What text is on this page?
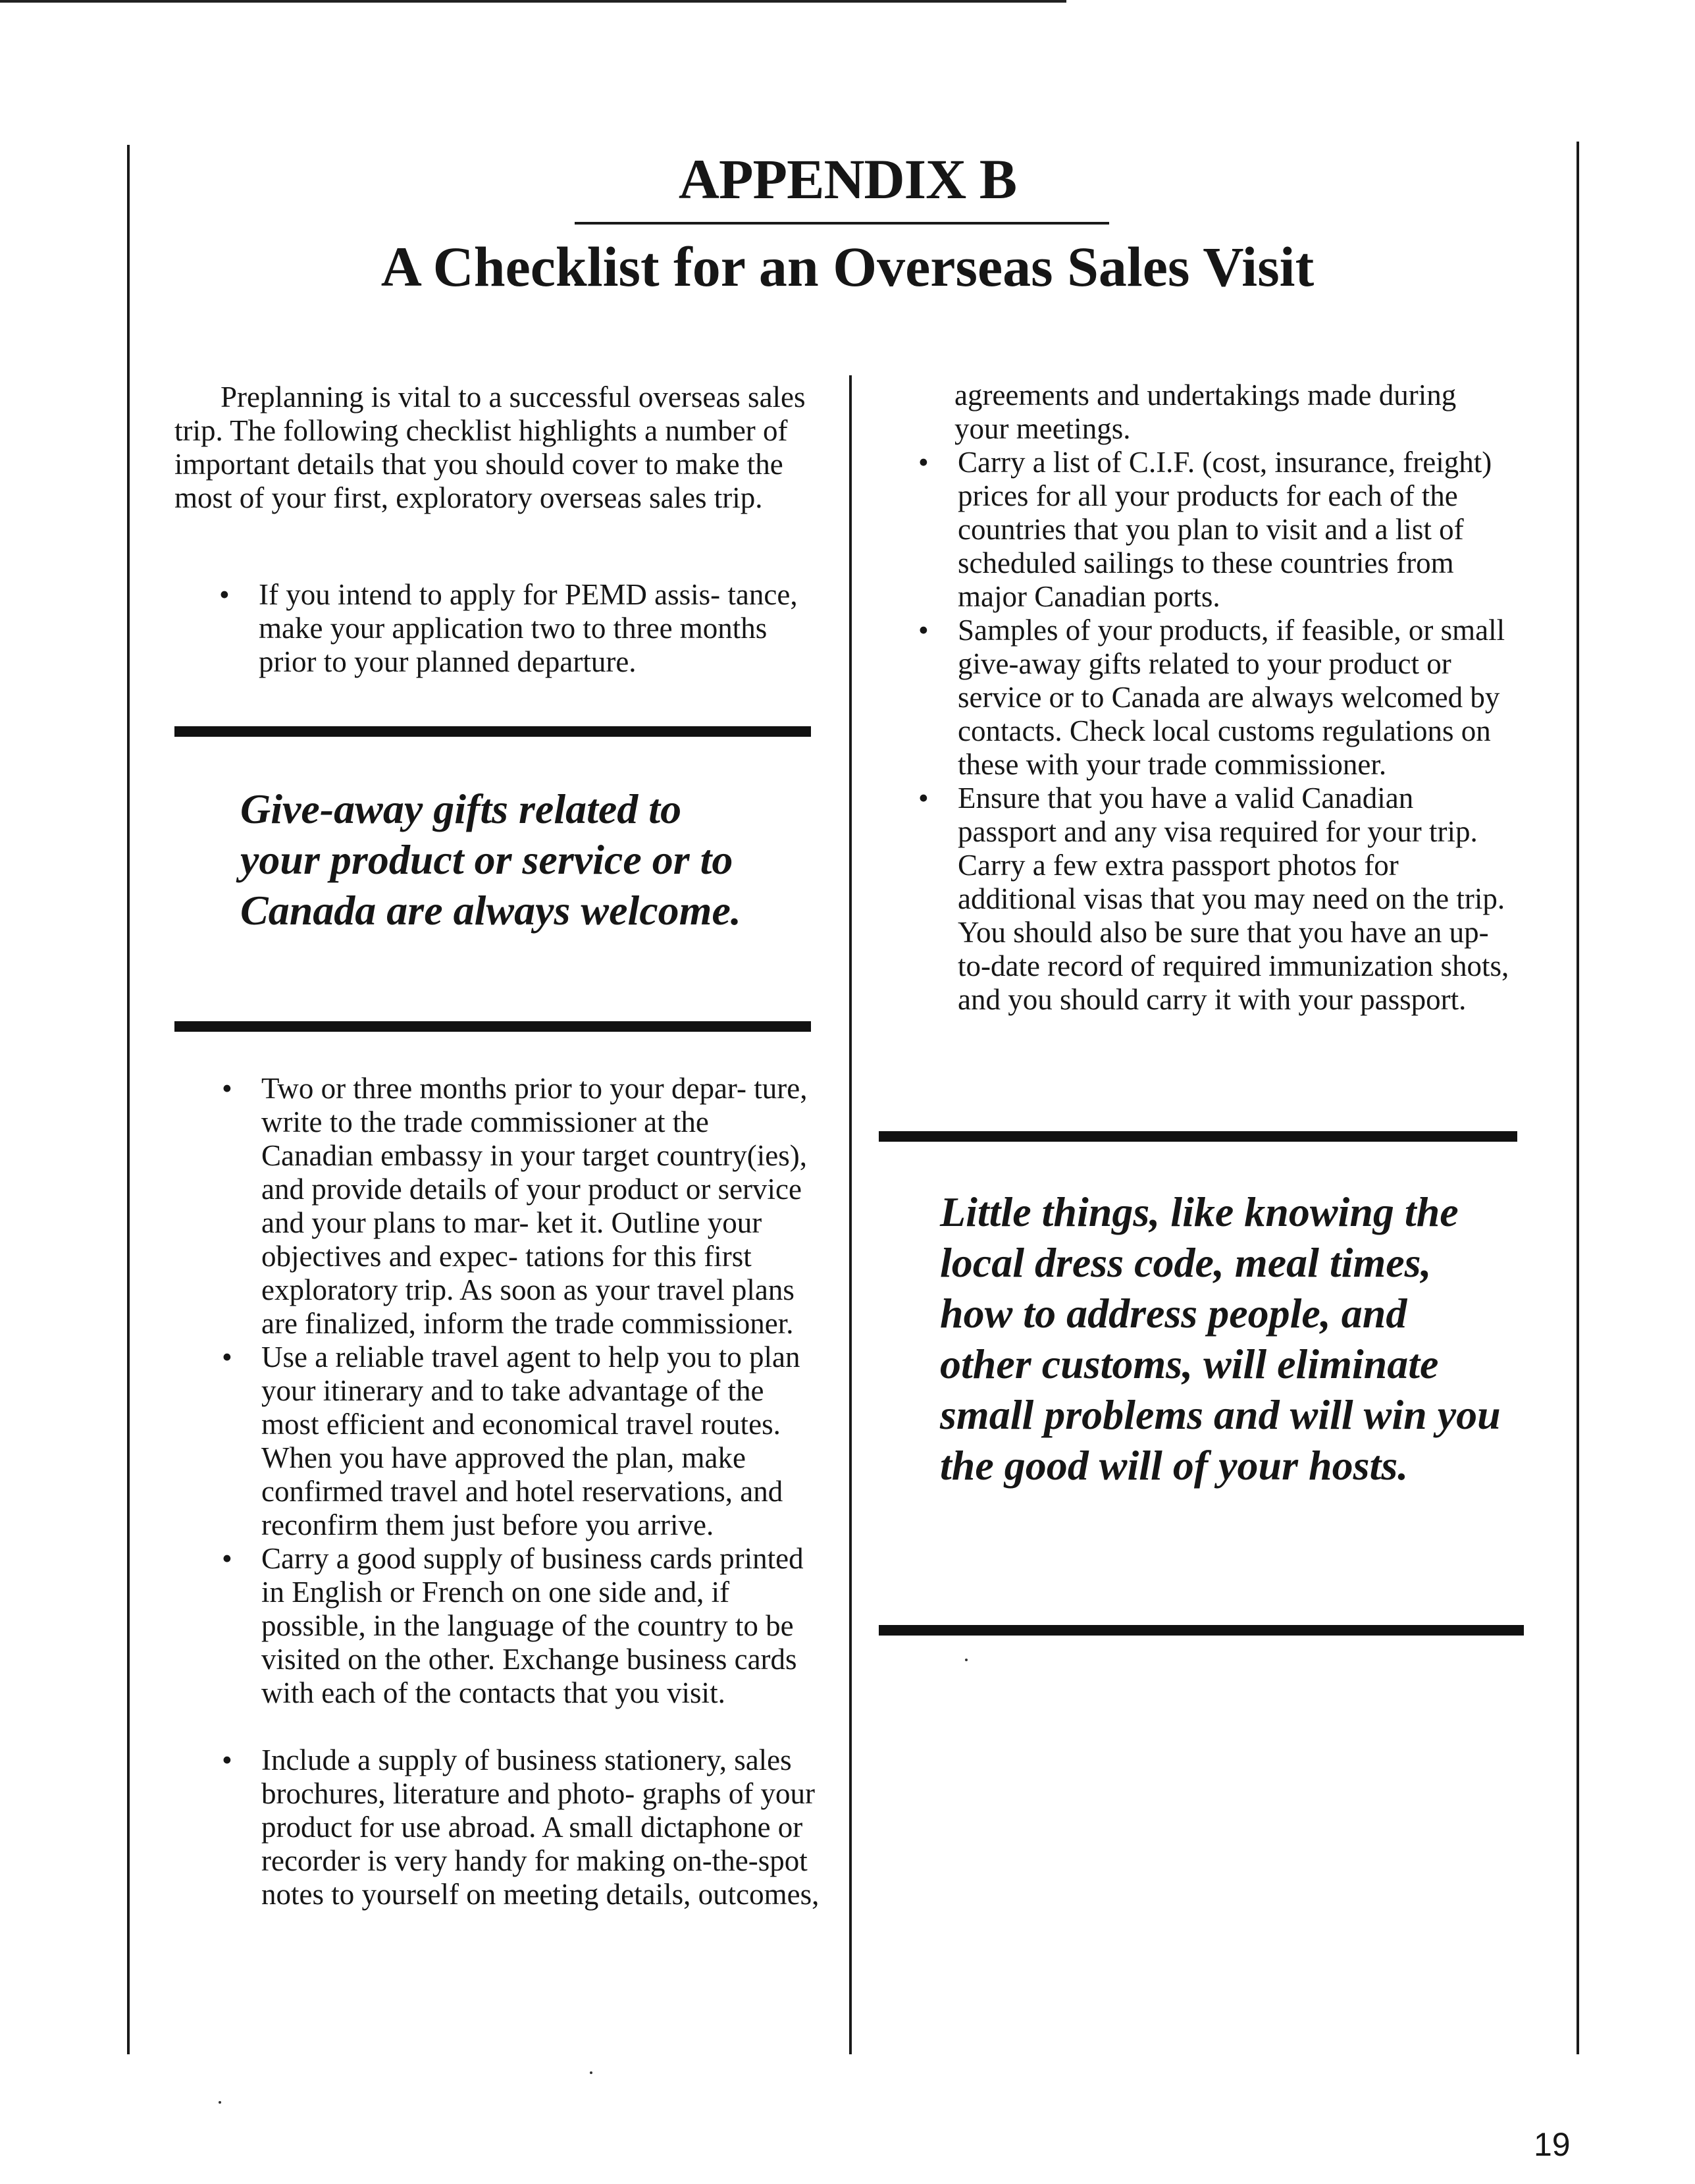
APPENDIX B
A Checklist for an Overseas Sales Visit

Preplanning is vital to a successful overseas sales trip. The following checklist highlights a number of important details that you should cover to make the most of your first, exploratory overseas sales trip.

• If you intend to apply for PEMD assis- tance, make your application two to three months prior to your planned departure.
Give-away gifts related to your product or service or to Canada are always welcome.
• Two or three months prior to your depar- ture, write to the trade commissioner at the Canadian embassy in your target country(ies), and provide details of your product or service and your plans to mar- ket it. Outline your objectives and expec- tations for this first exploratory trip. As soon as your travel plans are finalized, inform the trade commissioner.
• Use a reliable travel agent to help you to plan your itinerary and to take advantage of the most efficient and economical travel routes. When you have approved the plan, make confirmed travel and hotel reservations, and reconfirm them just before you arrive.
• Carry a good supply of business cards printed in English or French on one side and, if possible, in the language of the country to be visited on the other. Exchange business cards with each of the contacts that you visit.
• Include a supply of business stationery, sales brochures, literature and photo- graphs of your product for use abroad. A small dictaphone or recorder is very handy for making on-the-spot notes to yourself on meeting details, outcomes,

agreements and undertakings made during your meetings.

• Carry a list of C.I.F. (cost, insurance, freight) prices for all your products for each of the countries that you plan to visit and a list of scheduled sailings to these countries from major Canadian ports.
• Samples of your products, if feasible, or small give-away gifts related to your product or service or to Canada are always welcomed by contacts. Check local customs regulations on these with your trade commissioner.
• Ensure that you have a valid Canadian passport and any visa required for your trip. Carry a few extra passport photos for additional visas that you may need on the trip. You should also be sure that you have an up-to-date record of required immunization shots, and you should carry it with your passport.
Little things, like knowing the local dress code, meal times, how to address people, and other customs, will eliminate small problems and will win you the good will of your hosts.
19
